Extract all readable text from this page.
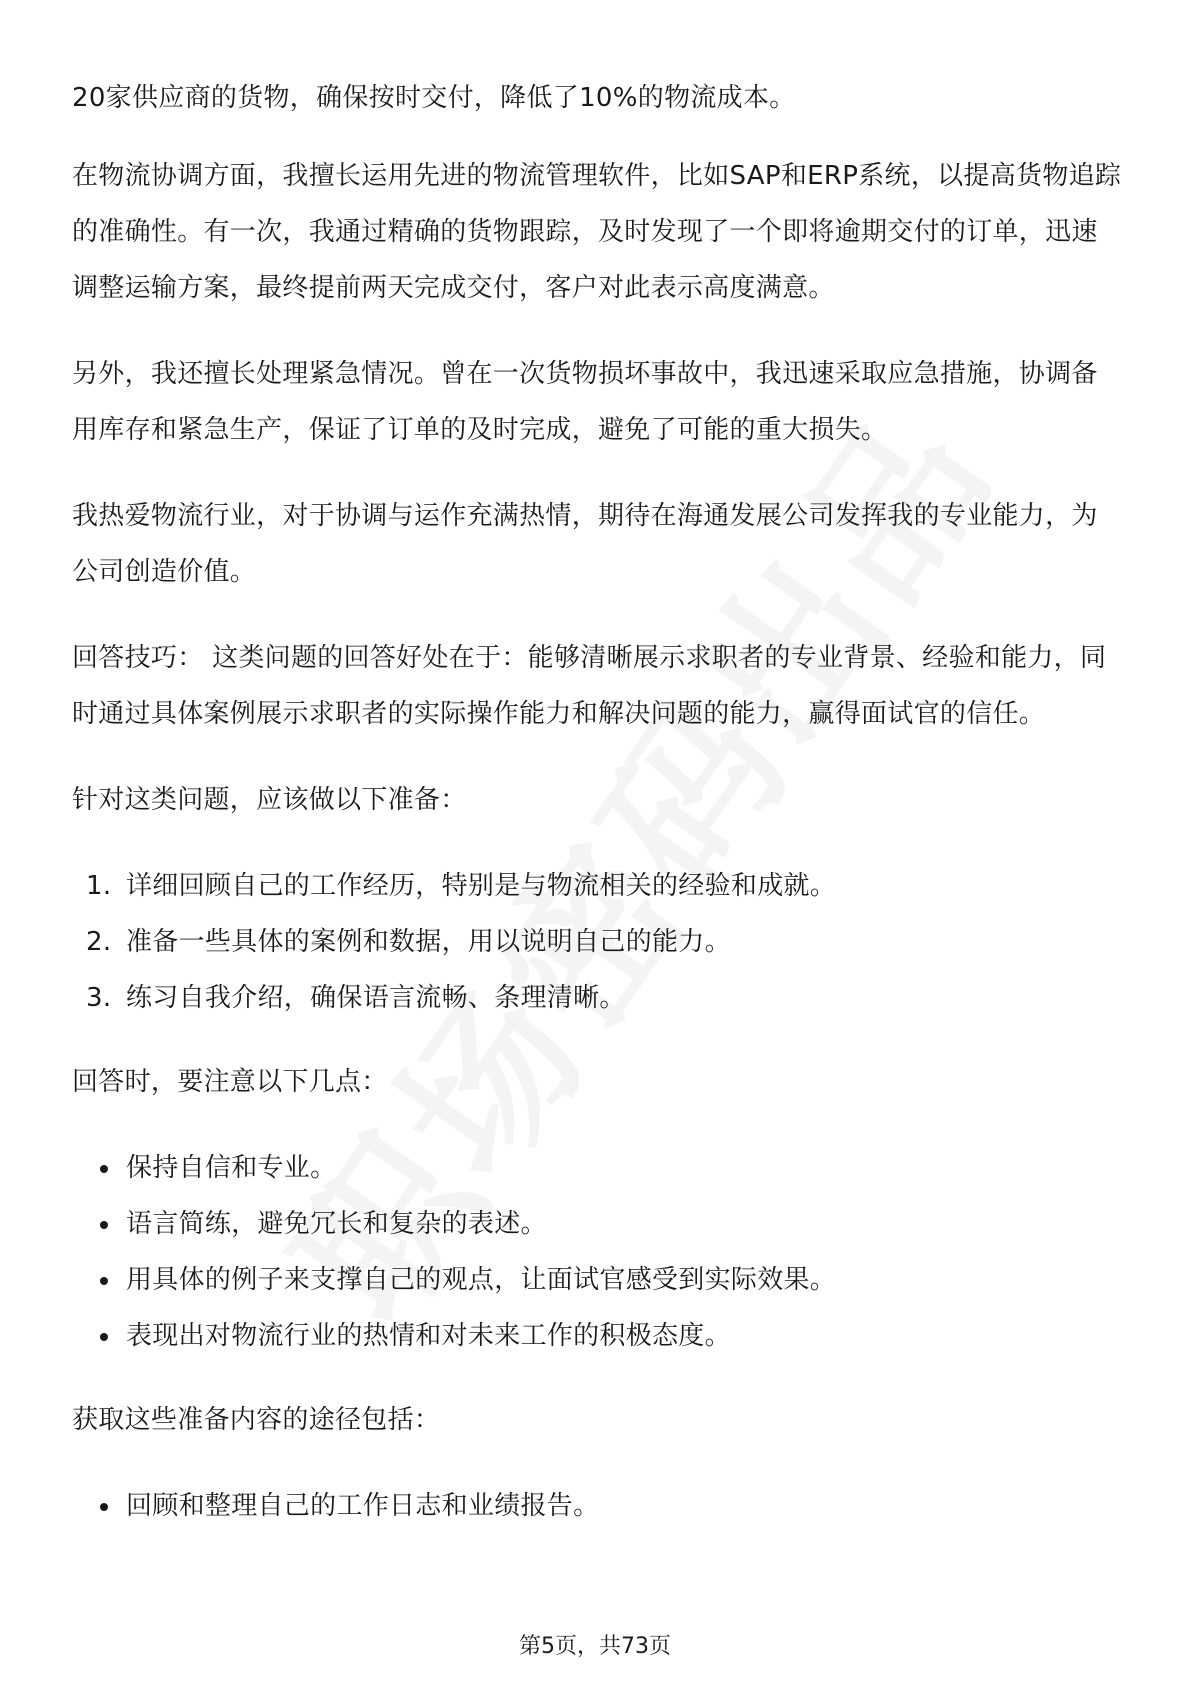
20家供应商的货物，确保按时交付，降低了10%的物流成本。

在物流协调方面，我擅长运用先进的物流管理软件，比如SAP和ERP系统，以提高货物追踪的准确性。有一次，我通过精确的货物跟踪，及时发现了一个即将逾期交付的订单，迅速调整运输方案，最终提前两天完成交付，客户对此表示高度满意。

另外，我还擅长处理紧急情况。曾在一次货物损坏事故中，我迅速采取应急措施，协调备用库存和紧急生产，保证了订单的及时完成，避免了可能的重大损失。

我热爱物流行业，对于协调与运作充满热情，期待在海通发展公司发挥我的专业能力，为公司创造价值。

回答技巧： 这类问题的回答好处在于：能够清晰展示求职者的专业背景、经验和能力，同时通过具体案例展示求职者的实际操作能力和解决问题的能力，赢得面试官的信任。

针对这类问题，应该做以下准备：

1. 详细回顾自己的工作经历，特别是与物流相关的经验和成就。
2. 准备一些具体的案例和数据，用以说明自己的能力。
3. 练习自我介绍，确保语言流畅、条理清晰。

回答时，要注意以下几点：

保持自信和专业。
语言简练，避免冗长和复杂的表述。
用具体的例子来支撑自己的观点，让面试官感受到实际效果。
表现出对物流行业的热情和对未来工作的积极态度。

获取这些准备内容的途径包括：

回顾和整理自己的工作日志和业绩报告。
第5页，共73页
